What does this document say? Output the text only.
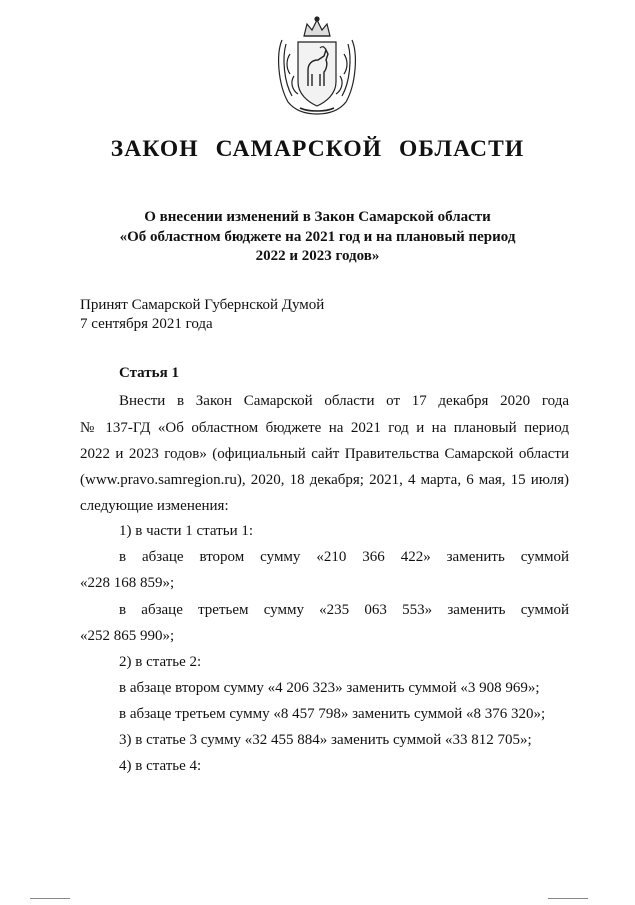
ЗАКОН САМАРСКОЙ ОБЛАСТИ
О внесении изменений в Закон Самарской области
«Об областном бюджете на 2021 год и на плановый период
2022 и 2023 годов»
Принят Самарской Губернской Думой
7 сентября 2021 года
Статья 1
Внести в Закон Самарской области от 17 декабря 2020 года
№ 137-ГД «Об областном бюджете на 2021 год и на плановый период
2022 и 2023 годов» (официальный сайт Правительства Самарской области
(www.pravo.samregion.ru), 2020, 18 декабря; 2021, 4 марта, 6 мая, 15 июля)
следующие изменения:
1) в части 1 статьи 1:
в абзаце втором сумму «210 366 422» заменить суммой
«228 168 859»;
в абзаце третьем сумму «235 063 553» заменить суммой
«252 865 990»;
2) в статье 2:
в абзаце втором сумму «4 206 323» заменить суммой «3 908 969»;
в абзаце третьем сумму «8 457 798» заменить суммой «8 376 320»;
3) в статье 3 сумму «32 455 884» заменить суммой «33 812 705»;
4) в статье 4:
